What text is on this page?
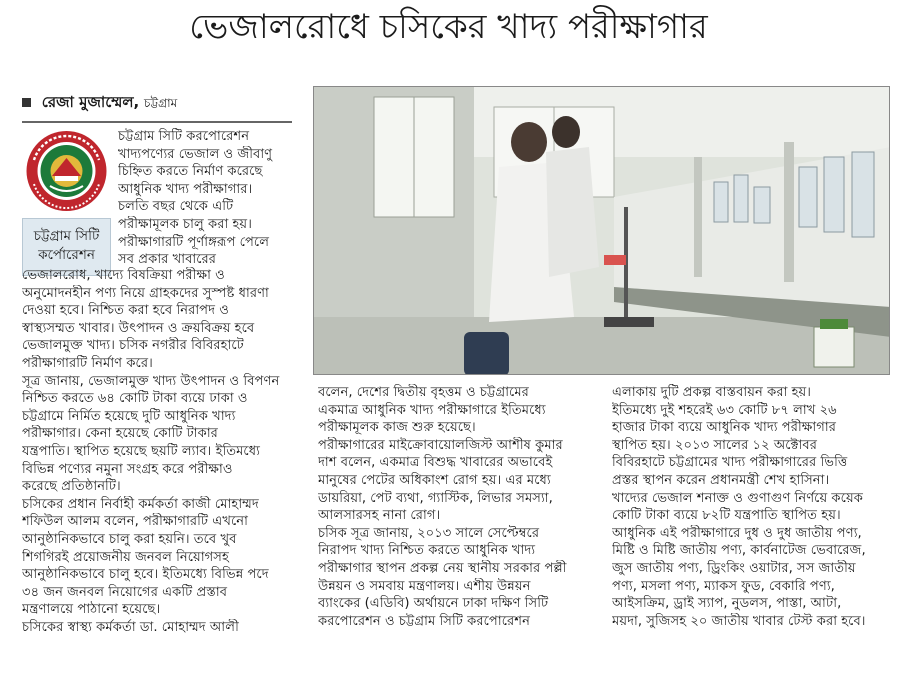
ভেজালরোধে চসিকের খাদ্য পরীক্ষাগার
রেজা মুজাম্মেল, চট্টগ্রাম
চট্টগ্রাম সিটি
কর্পোরেশন

চট্টগ্রাম সিটি করপোরেশন

খাদ্যপণ্যের ভেজাল ও জীবাণু

চিহ্নিত করতে নির্মাণ করেছে

আধুনিক খাদ্য পরীক্ষাগার।

চলতি বছর থেকে এটি

পরীক্ষামূলক চালু করা হয়।

পরীক্ষাগারটি পূর্ণাঙ্গরূপ পেলে

সব প্রকার খাবারের

ভেজালরোধ, খাদ্যে বিষক্রিয়া পরীক্ষা ও

অনুমোদনহীন পণ্য নিয়ে গ্রাহকদের সুস্পষ্ট ধারণা

দেওয়া হবে। নিশ্চিত করা হবে নিরাপদ ও

স্বাস্থ্যসম্মত খাবার। উৎপাদন ও ক্রয়বিক্রয় হবে

ভেজালমুক্ত খাদ্য। চসিক নগরীর বিবিরহাটে

পরীক্ষাগারটি নির্মাণ করে।

সূত্র জানায়, ভেজালমুক্ত খাদ্য উৎপাদন ও বিপণন

নিশ্চিত করতে ৬৪ কোটি টাকা ব্যয়ে ঢাকা ও

চট্টগ্রামে নির্মিত হয়েছে দুটি আধুনিক খাদ্য

পরীক্ষাগার। কেনা হয়েছে কোটি টাকার

যন্ত্রপাতি। স্থাপিত হয়েছে ছয়টি ল্যাব। ইতিমধ্যে

বিভিন্ন পণ্যের নমুনা সংগ্রহ করে পরীক্ষাও

করেছে প্রতিষ্ঠানটি।

চসিকের প্রধান নির্বাহী কর্মকর্তা কাজী মোহাম্মদ

শফিউল আলম বলেন, পরীক্ষাগারটি এখনো

আনুষ্ঠানিকভাবে চালু করা হয়নি। তবে খুব

শিগগিরই প্রয়োজনীয় জনবল নিয়োগসহ

আনুষ্ঠানিকভাবে চালু হবে। ইতিমধ্যে বিভিন্ন পদে

৩৪ জন জনবল নিয়োগের একটি প্রস্তাব

মন্ত্রণালয়ে পাঠানো হয়েছে।

চসিকের স্বাস্থ্য কর্মকর্তা ডা. মোহাম্মদ আলী

বলেন, দেশের দ্বিতীয় বৃহত্তম ও চট্টগ্রামের

একমাত্র আধুনিক খাদ্য পরীক্ষাগারে ইতিমধ্যে

পরীক্ষামূলক কাজ শুরু হয়েছে।

পরীক্ষাগারের মাইক্রোবায়োলজিস্ট আশীষ কুমার

দাশ বলেন, একমাত্র বিশুদ্ধ খাবারের অভাবেই

মানুষের পেটের অধিকাংশ রোগ হয়। এর মধ্যে

ডায়রিয়া, পেট ব্যথা, গ্যাস্টিক, লিভার সমস্যা,

আলসারসহ নানা রোগ।

চসিক সূত্র জানায়, ২০১৩ সালে সেপ্টেম্বরে

নিরাপদ খাদ্য নিশ্চিত করতে আধুনিক খাদ্য

পরীক্ষাগার স্থাপন প্রকল্প নেয় স্থানীয় সরকার পল্লী

উন্নয়ন ও সমবায় মন্ত্রণালয়। এশীয় উন্নয়ন

ব্যাংকের (এডিবি) অর্থায়নে ঢাকা দক্ষিণ সিটি

করপোরেশন ও চট্টগ্রাম সিটি করপোরেশন

এলাকায় দুটি প্রকল্প বাস্তবায়ন করা হয়।

ইতিমধ্যে দুই শহরেই ৬৩ কোটি ৮৭ লাখ ২৬

হাজার টাকা ব্যয়ে আধুনিক খাদ্য পরীক্ষাগার

স্থাপিত হয়। ২০১৩ সালের ১২ অক্টোবর

বিবিরহাটে চট্টগ্রামের খাদ্য পরীক্ষাগারের ভিত্তি

প্রস্তর স্থাপন করেন প্রধানমন্ত্রী শেখ হাসিনা।

খাদ্যের ভেজাল শনাক্ত ও গুণাগুণ নির্ণয়ে কয়েক

কোটি টাকা ব্যয়ে ৮২টি যন্ত্রপাতি স্থাপিত হয়।

আধুনিক এই পরীক্ষাগারে দুধ ও দুধ জাতীয় পণ্য,

মিষ্টি ও মিষ্টি জাতীয় পণ্য, কার্বনাটেজ ভেবারেজ,

জুস জাতীয় পণ্য, ড্রিংকিং ওয়াটার, সস জাতীয়

পণ্য, মসলা পণ্য, ম্যাকস ফুড, বেকারি পণ্য,

আইসক্রিম, ড্রাই স্যাপ, নুডলস, পাস্তা, আটা,

ময়দা, সুজিসহ ২০ জাতীয় খাবার টেস্ট করা হবে।
